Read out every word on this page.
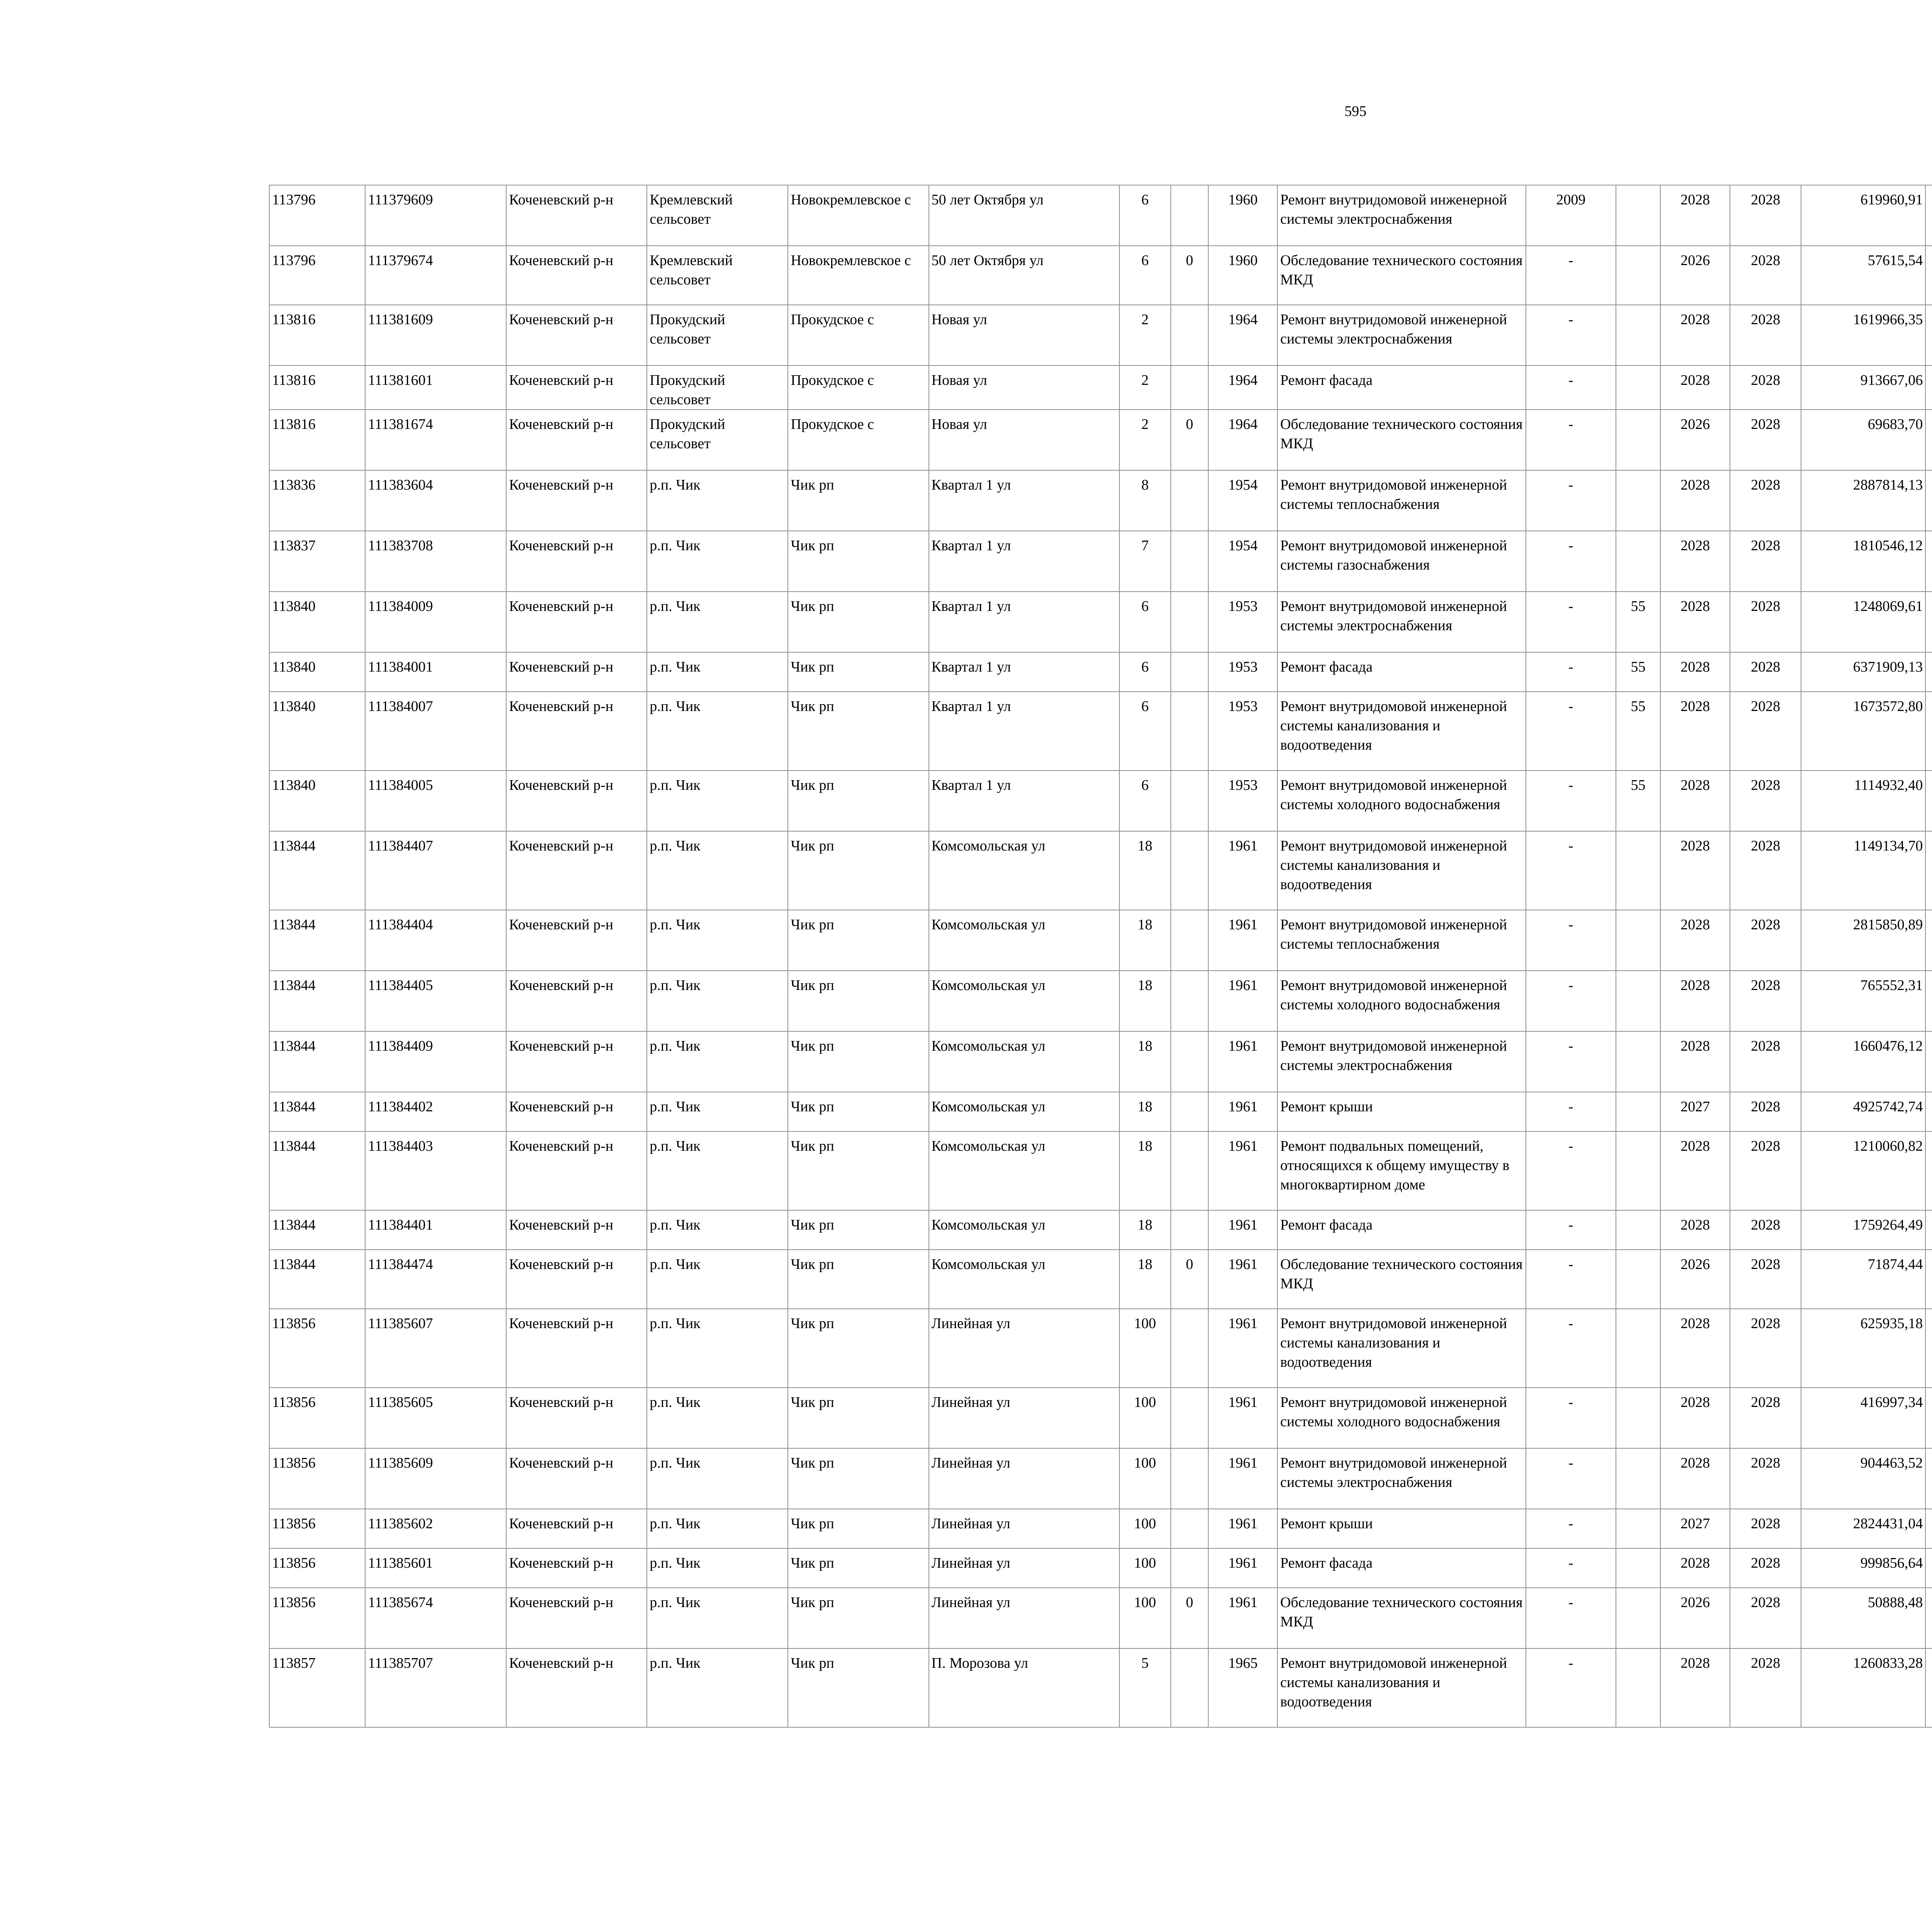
595
113796	111379609	Коченевский р-н	Кремлевский сельсовет	Новокремлевское с	50 лет Октября ул	6		1960	Ремонт внутридомовой инженерной системы электроснабжения	2009		2028	2028	619960,91						
113796	111379674	Коченевский р-н	Кремлевский сельсовет	Новокремлевское с	50 лет Октября ул	6	0	1960	Обследование технического состояния МКД	-		2026	2028	57615,54						
113816	111381609	Коченевский р-н	Прокудский сельсовет	Прокудское с	Новая ул	2		1964	Ремонт внутридомовой инженерной системы электроснабжения	-		2028	2028	1619966,35						
113816	111381601	Коченевский р-н	Прокудский сельсовет	Прокудское с	Новая ул	2		1964	Ремонт фасада	-		2028	2028	913667,06						
113816	111381674	Коченевский р-н	Прокудский сельсовет	Прокудское с	Новая ул	2	0	1964	Обследование технического состояния МКД	-		2026	2028	69683,70						
113836	111383604	Коченевский р-н	р.п. Чик	Чик рп	Квартал 1 ул	8		1954	Ремонт внутридомовой инженерной системы теплоснабжения	-		2028	2028	2887814,13						
113837	111383708	Коченевский р-н	р.п. Чик	Чик рп	Квартал 1 ул	7		1954	Ремонт внутридомовой инженерной системы газоснабжения	-		2028	2028	1810546,12						
113840	111384009	Коченевский р-н	р.п. Чик	Чик рп	Квартал 1 ул	6		1953	Ремонт внутридомовой инженерной системы электроснабжения	-	55	2028	2028	1248069,61						
113840	111384001	Коченевский р-н	р.п. Чик	Чик рп	Квартал 1 ул	6		1953	Ремонт фасада	-	55	2028	2028	6371909,13						
113840	111384007	Коченевский р-н	р.п. Чик	Чик рп	Квартал 1 ул	6		1953	Ремонт внутридомовой инженерной системы канализования и водоотведения	-	55	2028	2028	1673572,80						
113840	111384005	Коченевский р-н	р.п. Чик	Чик рп	Квартал 1 ул	6		1953	Ремонт внутридомовой инженерной системы холодного водоснабжения	-	55	2028	2028	1114932,40						
113844	111384407	Коченевский р-н	р.п. Чик	Чик рп	Комсомольская ул	18		1961	Ремонт внутридомовой инженерной системы канализования и водоотведения	-		2028	2028	1149134,70						
113844	111384404	Коченевский р-н	р.п. Чик	Чик рп	Комсомольская ул	18		1961	Ремонт внутридомовой инженерной системы теплоснабжения	-		2028	2028	2815850,89						
113844	111384405	Коченевский р-н	р.п. Чик	Чик рп	Комсомольская ул	18		1961	Ремонт внутридомовой инженерной системы холодного водоснабжения	-		2028	2028	765552,31						
113844	111384409	Коченевский р-н	р.п. Чик	Чик рп	Комсомольская ул	18		1961	Ремонт внутридомовой инженерной системы электроснабжения	-		2028	2028	1660476,12						
113844	111384402	Коченевский р-н	р.п. Чик	Чик рп	Комсомольская ул	18		1961	Ремонт крыши	-		2027	2028	4925742,74						
113844	111384403	Коченевский р-н	р.п. Чик	Чик рп	Комсомольская ул	18		1961	Ремонт подвальных помещений, относящихся к общему имуществу в многоквартирном доме	-		2028	2028	1210060,82						
113844	111384401	Коченевский р-н	р.п. Чик	Чик рп	Комсомольская ул	18		1961	Ремонт фасада	-		2028	2028	1759264,49						
113844	111384474	Коченевский р-н	р.п. Чик	Чик рп	Комсомольская ул	18	0	1961	Обследование технического состояния МКД	-		2026	2028	71874,44						
113856	111385607	Коченевский р-н	р.п. Чик	Чик рп	Линейная ул	100		1961	Ремонт внутридомовой инженерной системы канализования и водоотведения	-		2028	2028	625935,18						
113856	111385605	Коченевский р-н	р.п. Чик	Чик рп	Линейная ул	100		1961	Ремонт внутридомовой инженерной системы холодного водоснабжения	-		2028	2028	416997,34						
113856	111385609	Коченевский р-н	р.п. Чик	Чик рп	Линейная ул	100		1961	Ремонт внутридомовой инженерной системы электроснабжения	-		2028	2028	904463,52						
113856	111385602	Коченевский р-н	р.п. Чик	Чик рп	Линейная ул	100		1961	Ремонт крыши	-		2027	2028	2824431,04						
113856	111385601	Коченевский р-н	р.п. Чик	Чик рп	Линейная ул	100		1961	Ремонт фасада	-		2028	2028	999856,64						
113856	111385674	Коченевский р-н	р.п. Чик	Чик рп	Линейная ул	100	0	1961	Обследование технического состояния МКД	-		2026	2028	50888,48						
113857	111385707	Коченевский р-н	р.п. Чик	Чик рп	П. Морозова ул	5		1965	Ремонт внутридомовой инженерной системы канализования и водоотведения	-		2028	2028	1260833,28						
